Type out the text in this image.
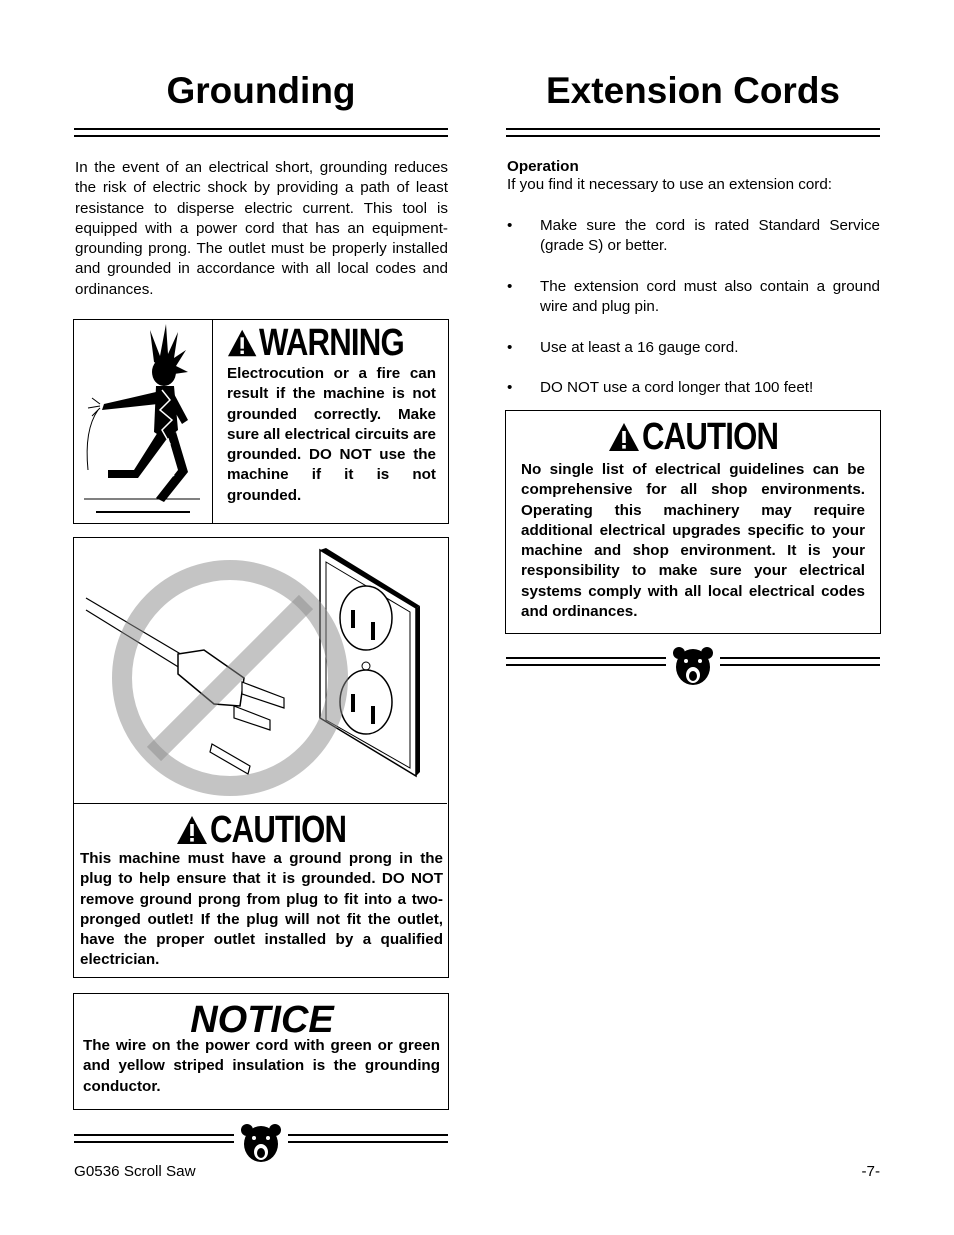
Grounding
In the event of an electrical short, grounding reduces the risk of electric shock by providing a path of least resistance to disperse electric current. This tool is equipped with a power cord that has an equipment-grounding prong. The outlet must be properly installed and grounded in accordance with all local codes and ordinances.
WARNING
Electrocution or a fire can result if the machine is not grounded correctly. Make sure all electrical circuits are grounded. DO NOT use the machine if it is not grounded.
CAUTION
This machine must have a ground prong in the plug to help ensure that it is grounded. DO NOT remove ground prong from plug to fit into a two-pronged outlet! If the plug will not fit the outlet, have the proper outlet installed by a qualified electrician.
NOTICE
The wire on the power cord with green or green and yellow striped insulation is the grounding conductor.
Extension Cords
Operation
If you find it necessary to use an extension cord:
• Make sure the cord is rated Standard Service (grade S) or better.
• The extension cord must also contain a ground wire and plug pin.
• Use at least a 16 gauge cord.
• DO NOT use a cord longer that 100 feet!
CAUTION
No single list of electrical guidelines can be comprehensive for all shop environments. Operating this machinery may require additional electrical upgrades specific to your machine and shop environment. It is your responsibility to make sure your electrical systems comply with all local electrical codes and ordinances.
G0536 Scroll Saw	-7-
